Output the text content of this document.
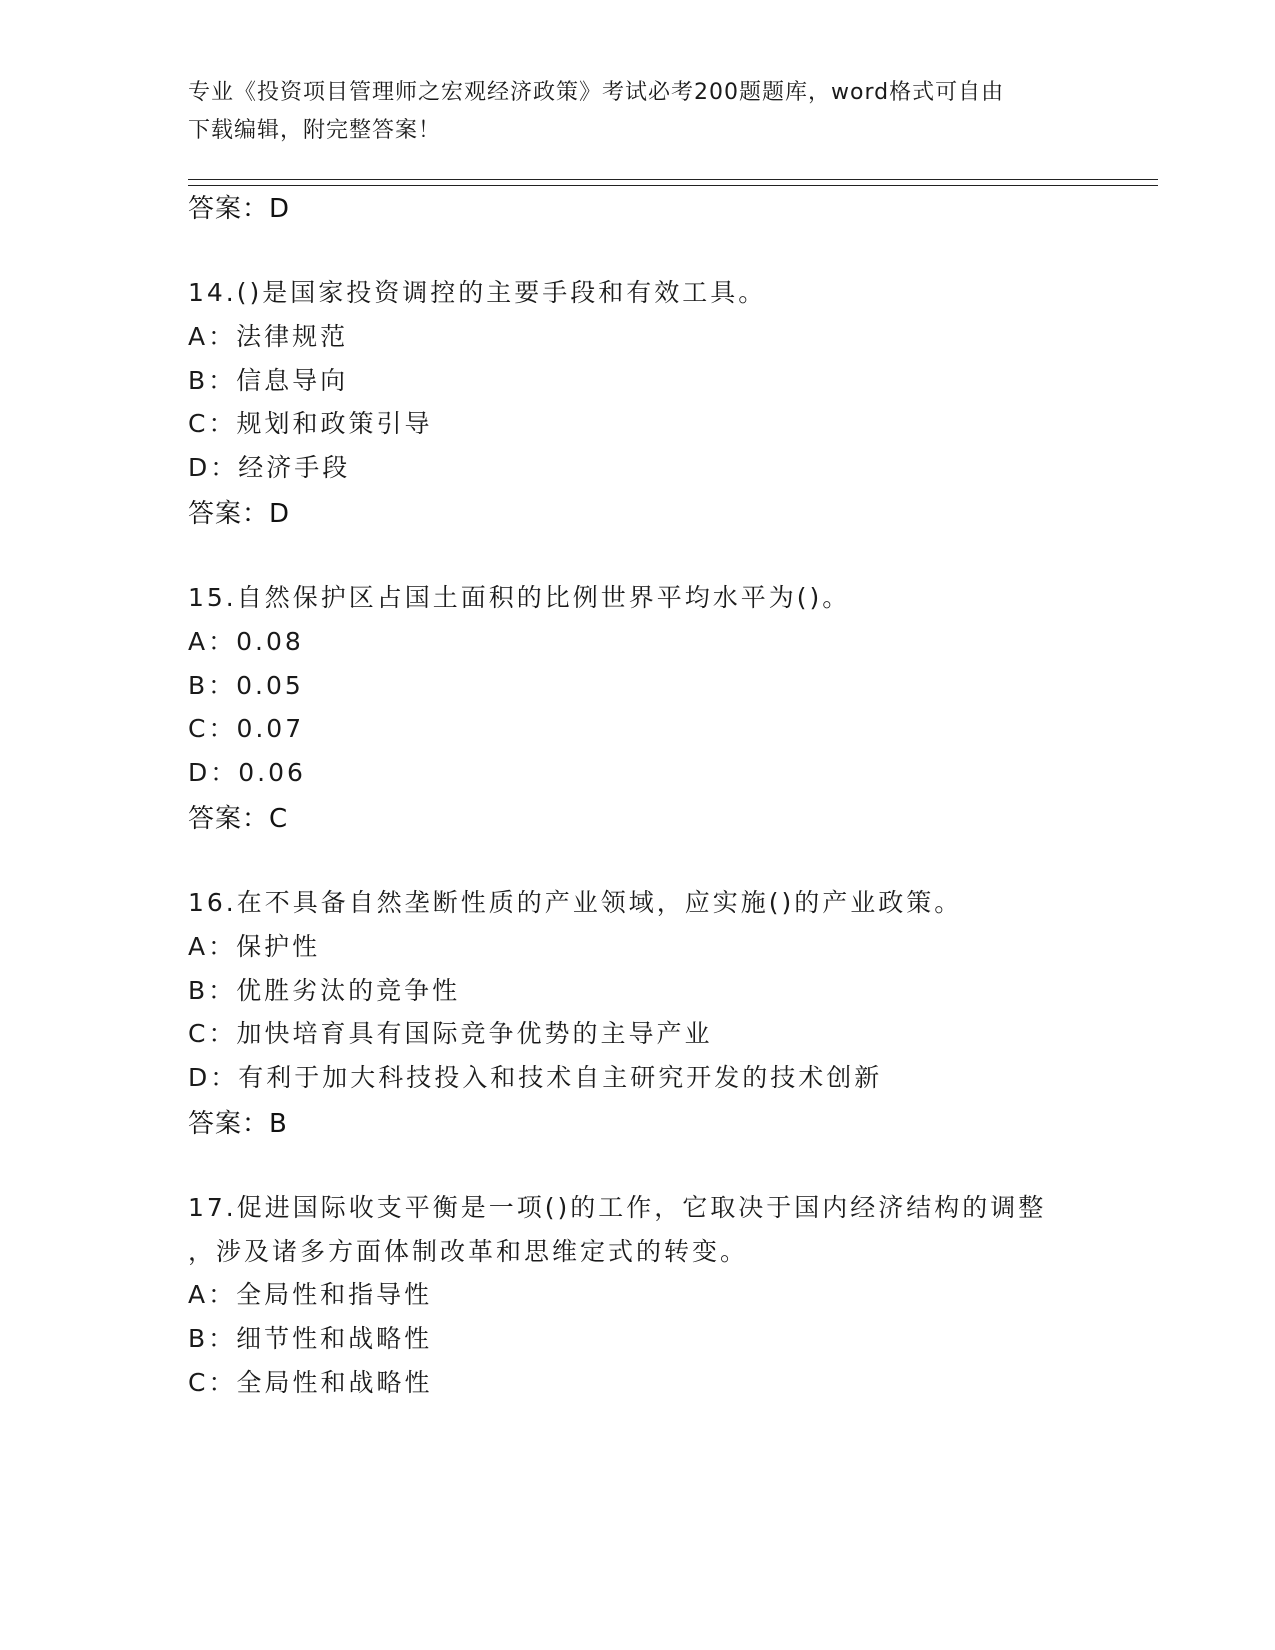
专业《投资项目管理师之宏观经济政策》考试必考200题题库，word格式可自由
下载编辑，附完整答案！
答案：D
14.()是国家投资调控的主要手段和有效工具。
A：法律规范
B：信息导向
C：规划和政策引导
D：经济手段
答案：D
15.自然保护区占国土面积的比例世界平均水平为()。
A：0.08
B：0.05
C：0.07
D：0.06
答案：C
16.在不具备自然垄断性质的产业领域，应实施()的产业政策。
A：保护性
B：优胜劣汰的竞争性
C：加快培育具有国际竞争优势的主导产业
D：有利于加大科技投入和技术自主研究开发的技术创新
答案：B
17.促进国际收支平衡是一项()的工作，它取决于国内经济结构的调整
，涉及诸多方面体制改革和思维定式的转变。
A：全局性和指导性
B：细节性和战略性
C：全局性和战略性
